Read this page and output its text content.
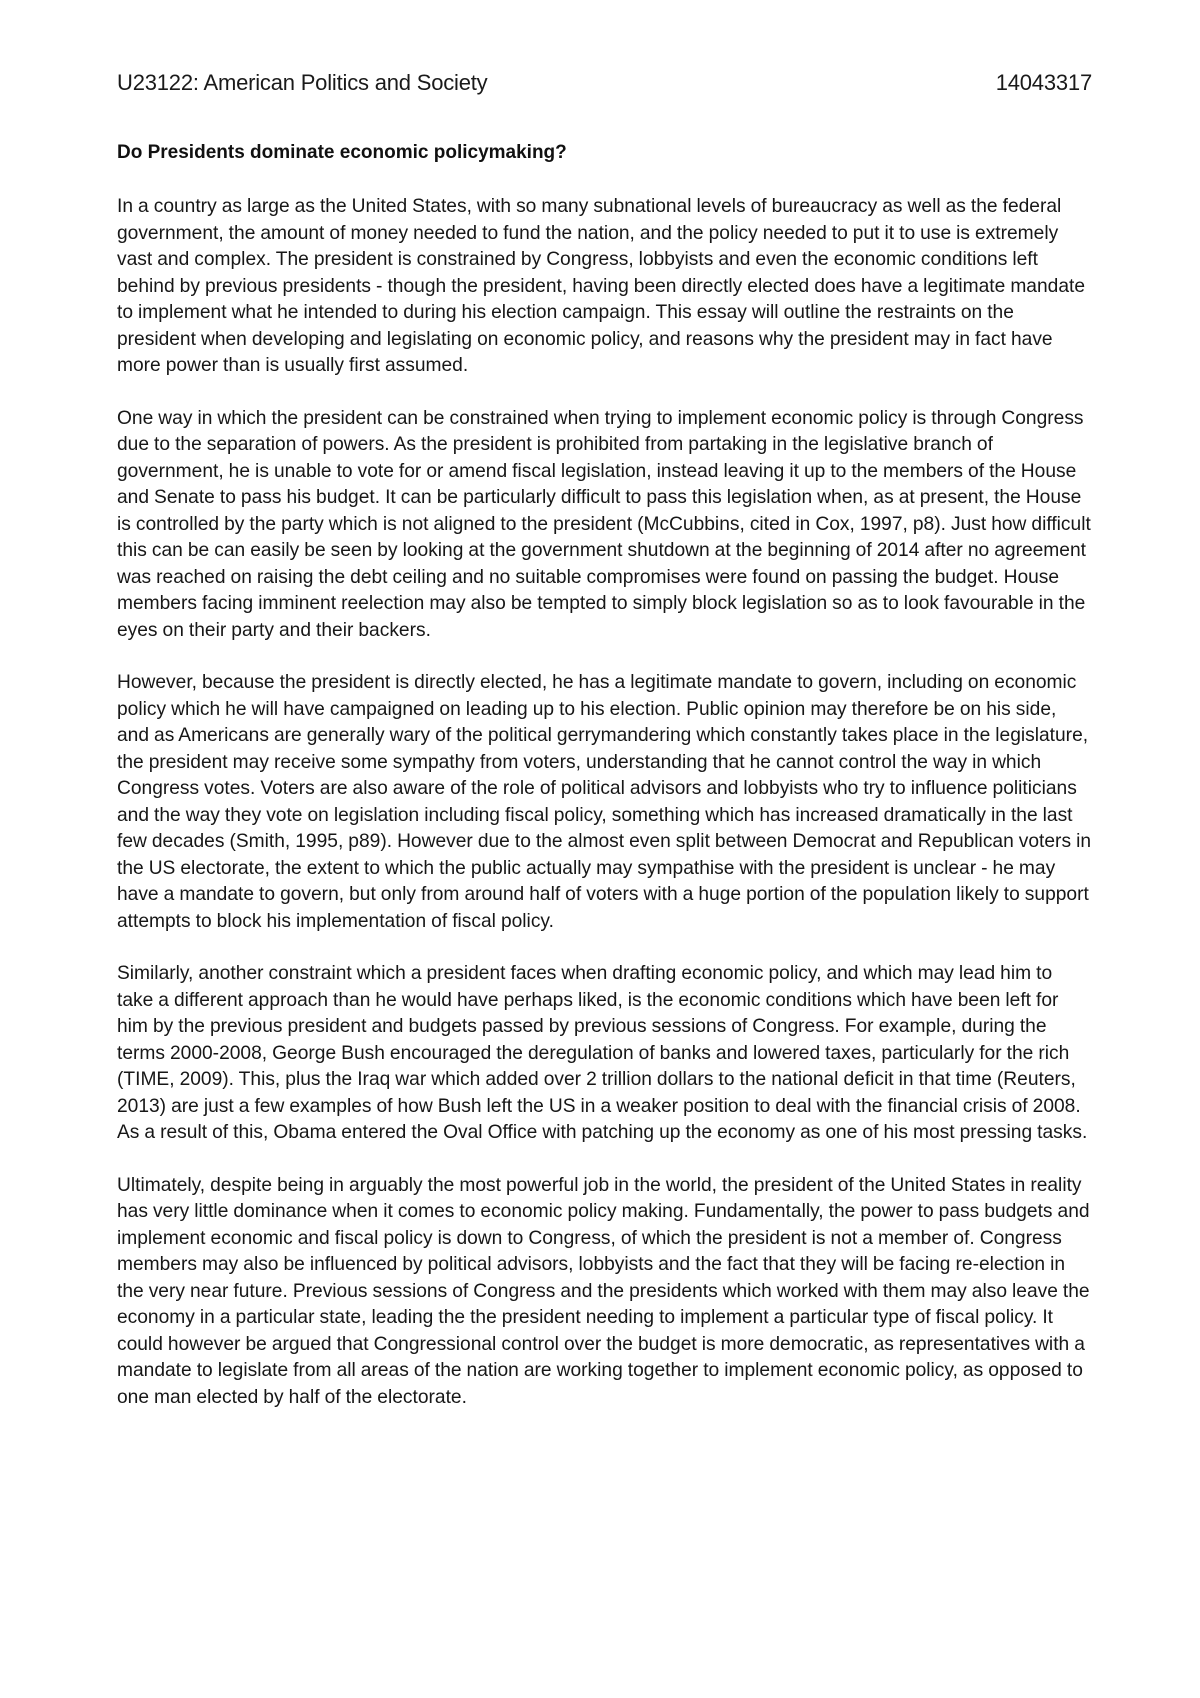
U23122: American Politics and Society	14043317
Do Presidents dominate economic policymaking?

In a country as large as the United States, with so many subnational levels of bureaucracy as well as the federal government, the amount of money needed to fund the nation, and the policy needed to put it to use is extremely vast and complex. The president is constrained by Congress, lobbyists and even the economic conditions left behind by previous presidents - though the president, having been directly elected does have a legitimate mandate to implement what he intended to during his election campaign. This essay will outline the restraints on the president when developing and legislating on economic policy, and reasons why the president may in fact have more power than is usually first assumed.

One way in which the president can be constrained when trying to implement economic policy is through Congress due to the separation of powers. As the president is prohibited from partaking in the legislative branch of government, he is unable to vote for or amend fiscal legislation, instead leaving it up to the members of the House and Senate to pass his budget. It can be particularly difficult to pass this legislation when, as at present, the House is controlled by the party which is not aligned to the president (McCubbins, cited in Cox, 1997, p8). Just how difficult this can be can easily be seen by looking at the government shutdown at the beginning of 2014 after no agreement was reached on raising the debt ceiling and no suitable compromises were found on passing the budget. House members facing imminent reelection may also be tempted to simply block legislation so as to look favourable in the eyes on their party and their backers.

However, because the president is directly elected, he has a legitimate mandate to govern, including on economic policy which he will have campaigned on leading up to his election. Public opinion may therefore be on his side, and as Americans are generally wary of the political gerrymandering which constantly takes place in the legislature, the president may receive some sympathy from voters, understanding that he cannot control the way in which Congress votes. Voters are also aware of the role of political advisors and lobbyists who try to influence politicians and the way they vote on legislation including fiscal policy, something which has increased dramatically in the last few decades (Smith, 1995, p89). However due to the almost even split between Democrat and Republican voters in the US electorate, the extent to which the public actually may sympathise with the president is unclear - he may have a mandate to govern, but only from around half of voters with a huge portion of the population likely to support attempts to block his implementation of fiscal policy.

Similarly, another constraint which a president faces when drafting economic policy, and which may lead him to take a different approach than he would have perhaps liked, is the economic conditions which have been left for him by the previous president and budgets passed by previous sessions of Congress. For example, during the terms 2000-2008, George Bush encouraged the deregulation of banks and lowered taxes, particularly for the rich (TIME, 2009). This, plus the Iraq war which added over 2 trillion dollars to the national deficit in that time (Reuters, 2013) are just a few examples of how Bush left the US in a weaker position to deal with the financial crisis of 2008. As a result of this, Obama entered the Oval Office with patching up the economy as one of his most pressing tasks.

Ultimately, despite being in arguably the most powerful job in the world, the president of the United States in reality has very little dominance when it comes to economic policy making. Fundamentally, the power to pass budgets and implement economic and fiscal policy is down to Congress, of which the president is not a member of. Congress members may also be influenced by political advisors, lobbyists and the fact that they will be facing re-election in the very near future. Previous sessions of Congress and the presidents which worked with them may also leave the economy in a particular state, leading the the president needing to implement a particular type of fiscal policy. It could however be argued that Congressional control over the budget is more democratic, as representatives with a mandate to legislate from all areas of the nation are working together to implement economic policy, as opposed to one man elected by half of the electorate.
